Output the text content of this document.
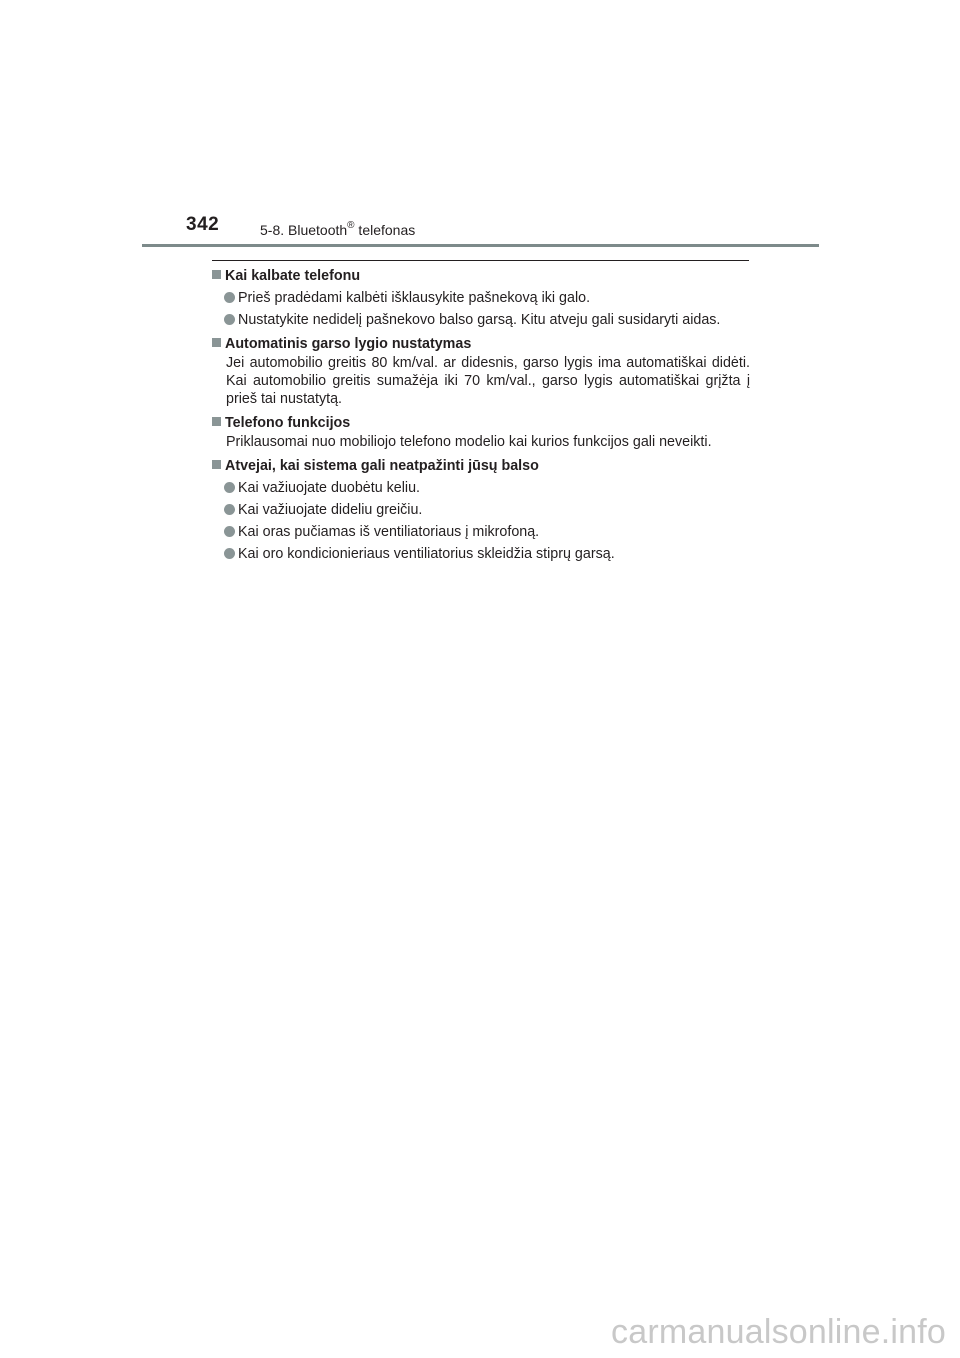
342	5-8. Bluetooth® telefonas
Kai kalbate telefonu
Prieš pradėdami kalbėti išklausykite pašnekovą iki galo.
Nustatykite nedidelį pašnekovo balso garsą. Kitu atveju gali susidaryti aidas.
Automatinis garso lygio nustatymas
Jei automobilio greitis 80 km/val. ar didesnis, garso lygis ima automatiškai didėti. Kai automobilio greitis sumažėja iki 70 km/val., garso lygis automatiškai grįžta į prieš tai nustatytą.
Telefono funkcijos
Priklausomai nuo mobiliojo telefono modelio kai kurios funkcijos gali neveikti.
Atvejai, kai sistema gali neatpažinti jūsų balso
Kai važiuojate duobėtu keliu.
Kai važiuojate dideliu greičiu.
Kai oras pučiamas iš ventiliatoriaus į mikrofoną.
Kai oro kondicionieriaus ventiliatorius skleidžia stiprų garsą.
carmanualsonline.info
